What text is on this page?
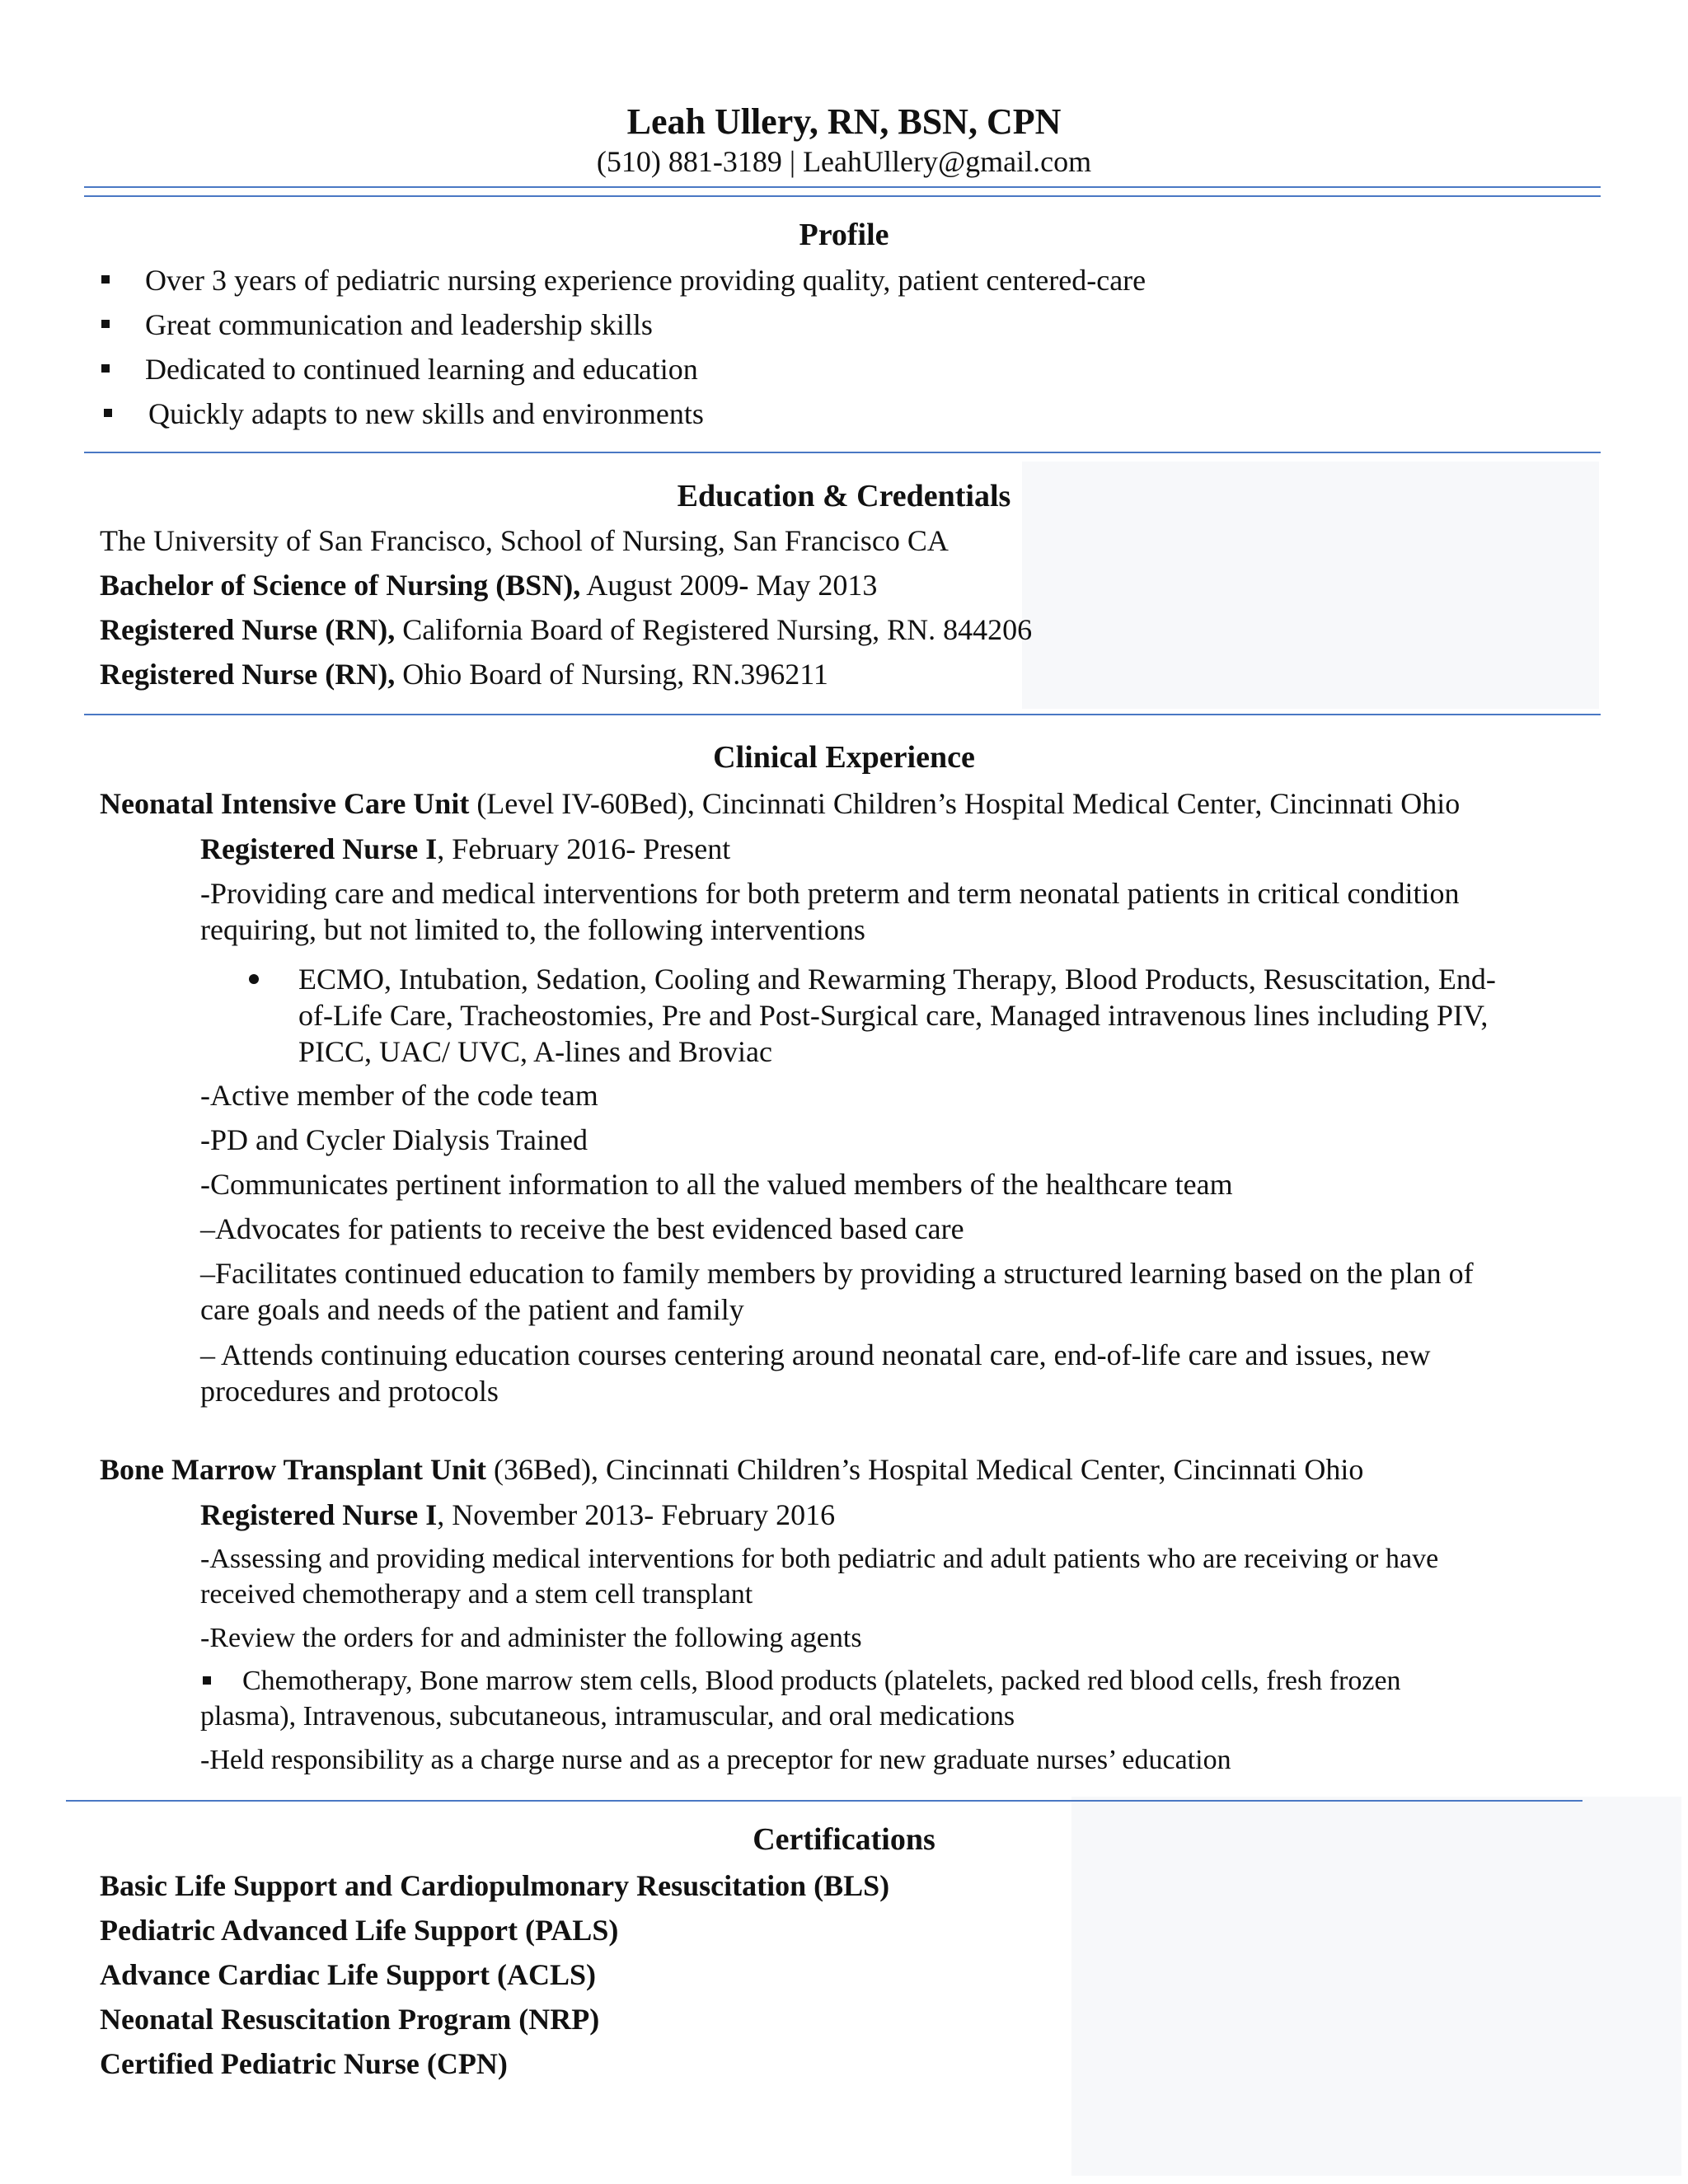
Leah Ullery, RN, BSN, CPN
(510) 881-3189 | LeahUllery@gmail.com
Profile
Over 3 years of pediatric nursing experience providing quality, patient centered-care
Great communication and leadership skills
Dedicated to continued learning and education
Quickly adapts to new skills and environments
Education & Credentials
The University of San Francisco, School of Nursing, San Francisco CA
Bachelor of Science of Nursing (BSN), August 2009- May 2013
Registered Nurse (RN), California Board of Registered Nursing, RN. 844206
Registered Nurse (RN), Ohio Board of Nursing, RN.396211
Clinical Experience
Neonatal Intensive Care Unit (Level IV-60Bed), Cincinnati Children’s Hospital Medical Center, Cincinnati Ohio
Registered Nurse I, February 2016- Present
-Providing care and medical interventions for both preterm and term neonatal patients in critical condition
requiring, but not limited to, the following interventions
ECMO, Intubation, Sedation, Cooling and Rewarming Therapy, Blood Products, Resuscitation, End-
of-Life Care, Tracheostomies, Pre and Post-Surgical care, Managed intravenous lines including PIV,
PICC, UAC/ UVC, A-lines and Broviac
-Active member of the code team
-PD and Cycler Dialysis Trained
-Communicates pertinent information to all the valued members of the healthcare team
–Advocates for patients to receive the best evidenced based care
–Facilitates continued education to family members by providing a structured learning based on the plan of
care goals and needs of the patient and family
– Attends continuing education courses centering around neonatal care, end-of-life care and issues, new
procedures and protocols
Bone Marrow Transplant Unit (36Bed), Cincinnati Children’s Hospital Medical Center, Cincinnati Ohio
Registered Nurse I, November 2013- February 2016
-Assessing and providing medical interventions for both pediatric and adult patients who are receiving or have
received chemotherapy and a stem cell transplant
-Review the orders for and administer the following agents
Chemotherapy, Bone marrow stem cells, Blood products (platelets, packed red blood cells, fresh frozen
plasma), Intravenous, subcutaneous, intramuscular, and oral medications
-Held responsibility as a charge nurse and as a preceptor for new graduate nurses’ education
Certifications
Basic Life Support and Cardiopulmonary Resuscitation (BLS)
Pediatric Advanced Life Support (PALS)
Advance Cardiac Life Support (ACLS)
Neonatal Resuscitation Program (NRP)
Certified Pediatric Nurse (CPN)
